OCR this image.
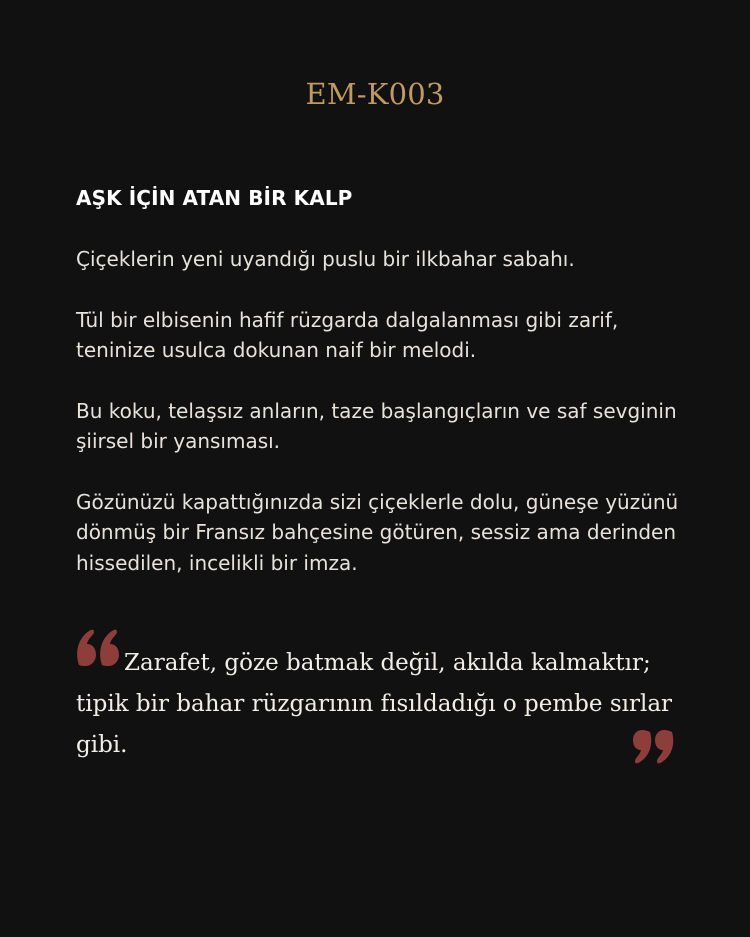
EM-K003
AŞK İÇİN ATAN BİR KALP

Çiçeklerin yeni uyandığı puslu bir ilkbahar sabahı.

Tül bir elbisenin hafif rüzgarda dalgalanması gibi zarif, teninize usulca dokunan naif bir melodi.

Bu koku, telaşsız anların, taze başlangıçların ve saf sevginin şiirsel bir yansıması.

Gözünüzü kapattığınızda sizi çiçeklerle dolu, güneşe yüzünü dönmüş bir Fransız bahçesine götüren, sessiz ama derinden hissedilen, incelikli bir imza.

Zarafet, göze batmak değil, akılda kalmaktır; tipik bir bahar rüzgarının fısıldadığı o pembe sırlar gibi.
